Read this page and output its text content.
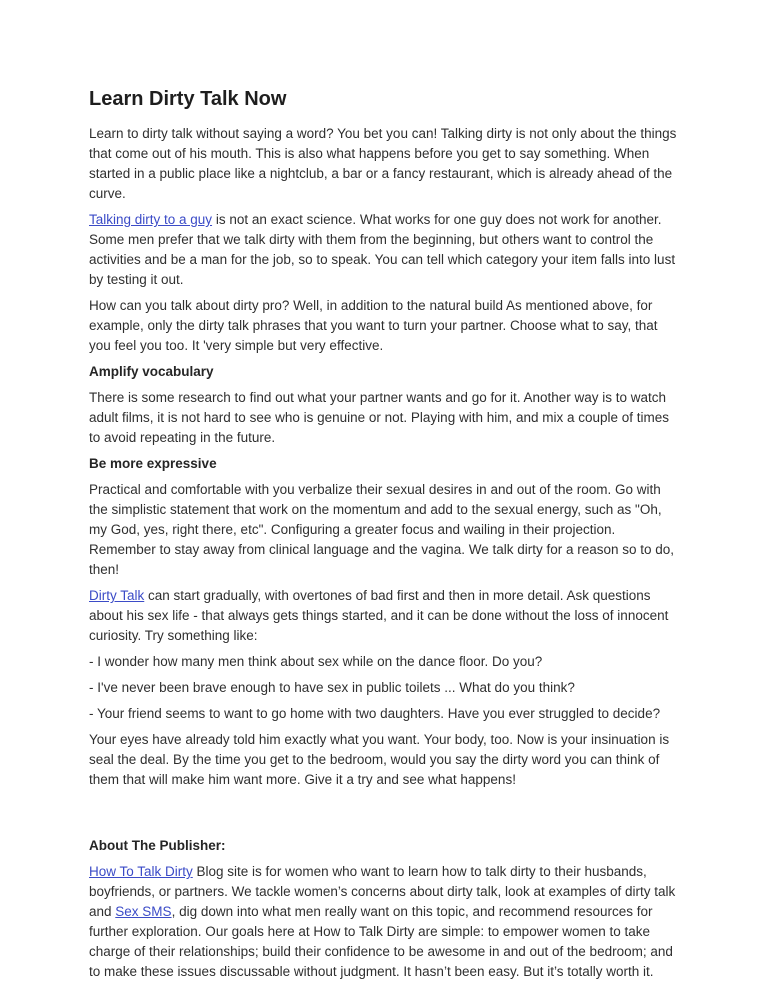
Learn Dirty Talk Now

Learn to dirty talk without saying a word? You bet you can! Talking dirty is not only about the things that come out of his mouth. This is also what happens before you get to say something. When started in a public place like a nightclub, a bar or a fancy restaurant, which is already ahead of the curve.

Talking dirty to a guy is not an exact science. What works for one guy does not work for another. Some men prefer that we talk dirty with them from the beginning, but others want to control the activities and be a man for the job, so to speak. You can tell which category your item falls into lust by testing it out.

How can you talk about dirty pro? Well, in addition to the natural build As mentioned above, for example, only the dirty talk phrases that you want to turn your partner. Choose what to say, that you feel you too. It 'very simple but very effective.

Amplify vocabulary

There is some research to find out what your partner wants and go for it. Another way is to watch adult films, it is not hard to see who is genuine or not. Playing with him, and mix a couple of times to avoid repeating in the future.

Be more expressive

Practical and comfortable with you verbalize their sexual desires in and out of the room. Go with the simplistic statement that work on the momentum and add to the sexual energy, such as "Oh, my God, yes, right there, etc". Configuring a greater focus and wailing in their projection. Remember to stay away from clinical language and the vagina. We talk dirty for a reason so to do, then!

Dirty Talk can start gradually, with overtones of bad first and then in more detail. Ask questions about his sex life - that always gets things started, and it can be done without the loss of innocent curiosity. Try something like:

- I wonder how many men think about sex while on the dance floor. Do you?

- I've never been brave enough to have sex in public toilets ... What do you think?

- Your friend seems to want to go home with two daughters. Have you ever struggled to decide?

Your eyes have already told him exactly what you want. Your body, too. Now is your insinuation is seal the deal. By the time you get to the bedroom, would you say the dirty word you can think of them that will make him want more. Give it a try and see what happens!

About The Publisher:

How To Talk Dirty Blog site is for women who want to learn how to talk dirty to their husbands, boyfriends, or partners. We tackle women’s concerns about dirty talk, look at examples of dirty talk and Sex SMS, dig down into what men really want on this topic, and recommend resources for further exploration. Our goals here at How to Talk Dirty are simple: to empower women to take charge of their relationships; build their confidence to be awesome in and out of the bedroom; and to make these issues discussable without judgment. It hasn’t been easy. But it’s totally worth it.
